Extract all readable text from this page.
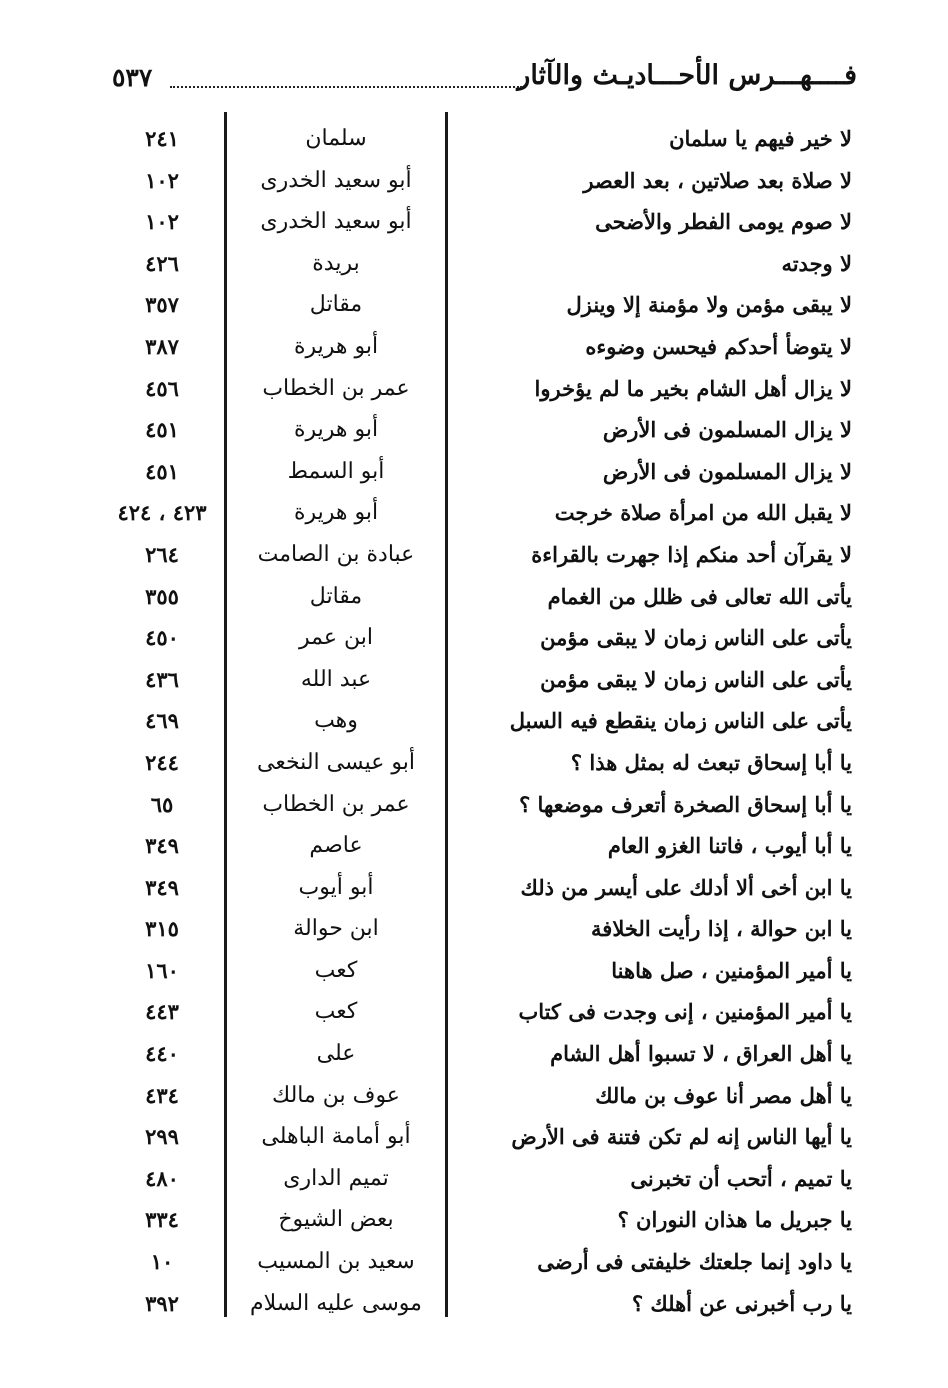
فــــهـــرس الأحـــاديـث والآثار
٥٣٧
لا خير فيهم يا سلمان
سلمان
٢٤١
لا صلاة بعد صلاتين ، بعد العصر
أبو سعيد الخدرى
١٠٢
لا صوم يومى الفطر والأضحى
أبو سعيد الخدرى
١٠٢
لا وجدته
بريدة
٤٢٦
لا يبقى مؤمن ولا مؤمنة إلا وينزل
مقاتل
٣٥٧
لا يتوضأ أحدكم فيحسن وضوءه
أبو هريرة
٣٨٧
لا يزال أهل الشام بخير ما لم يؤخروا
عمر بن الخطاب
٤٥٦
لا يزال المسلمون فى الأرض
أبو هريرة
٤٥١
لا يزال المسلمون فى الأرض
أبو السمط
٤٥١
لا يقبل الله من امرأة صلاة خرجت
أبو هريرة
٤٢٣ ، ٤٢٤
لا يقرآن أحد منكم إذا جهرت بالقراءة
عبادة بن الصامت
٢٦٤
يأتى الله تعالى فى ظلل من الغمام
مقاتل
٣٥٥
يأتى على الناس زمان لا يبقى مؤمن
ابن عمر
٤٥٠
يأتى على الناس زمان لا يبقى مؤمن
عبد الله
٤٣٦
يأتى على الناس زمان ينقطع فيه السبل
وهب
٤٦٩
يا أبا إسحاق تبعث له بمثل هذا ؟
أبو عيسى النخعى
٢٤٤
يا أبا إسحاق الصخرة أتعرف موضعها ؟
عمر بن الخطاب
٦٥
يا أبا أيوب ، فاتنا الغزو العام
عاصم
٣٤٩
يا ابن أخى ألا أدلك على أيسر من ذلك
أبو أيوب
٣٤٩
يا ابن حوالة ، إذا رأيت الخلافة
ابن حوالة
٣١٥
يا أمير المؤمنين ، صل هاهنا
كعب
١٦٠
يا أمير المؤمنين ، إنى وجدت فى كتاب
كعب
٤٤٣
يا أهل العراق ، لا تسبوا أهل الشام
على
٤٤٠
يا أهل مصر أنا عوف بن مالك
عوف بن مالك
٤٣٤
يا أيها الناس إنه لم تكن فتنة فى الأرض
أبو أمامة الباهلى
٢٩٩
يا تميم ، أتحب أن تخبرنى
تميم الدارى
٤٨٠
يا جبريل ما هذان النوران ؟
بعض الشيوخ
٣٣٤
يا داود إنما جلعتك خليفتى فى أرضى
سعيد بن المسيب
١٠
يا رب أخبرنى عن أهلك ؟
موسى عليه السلام
٣٩٢
